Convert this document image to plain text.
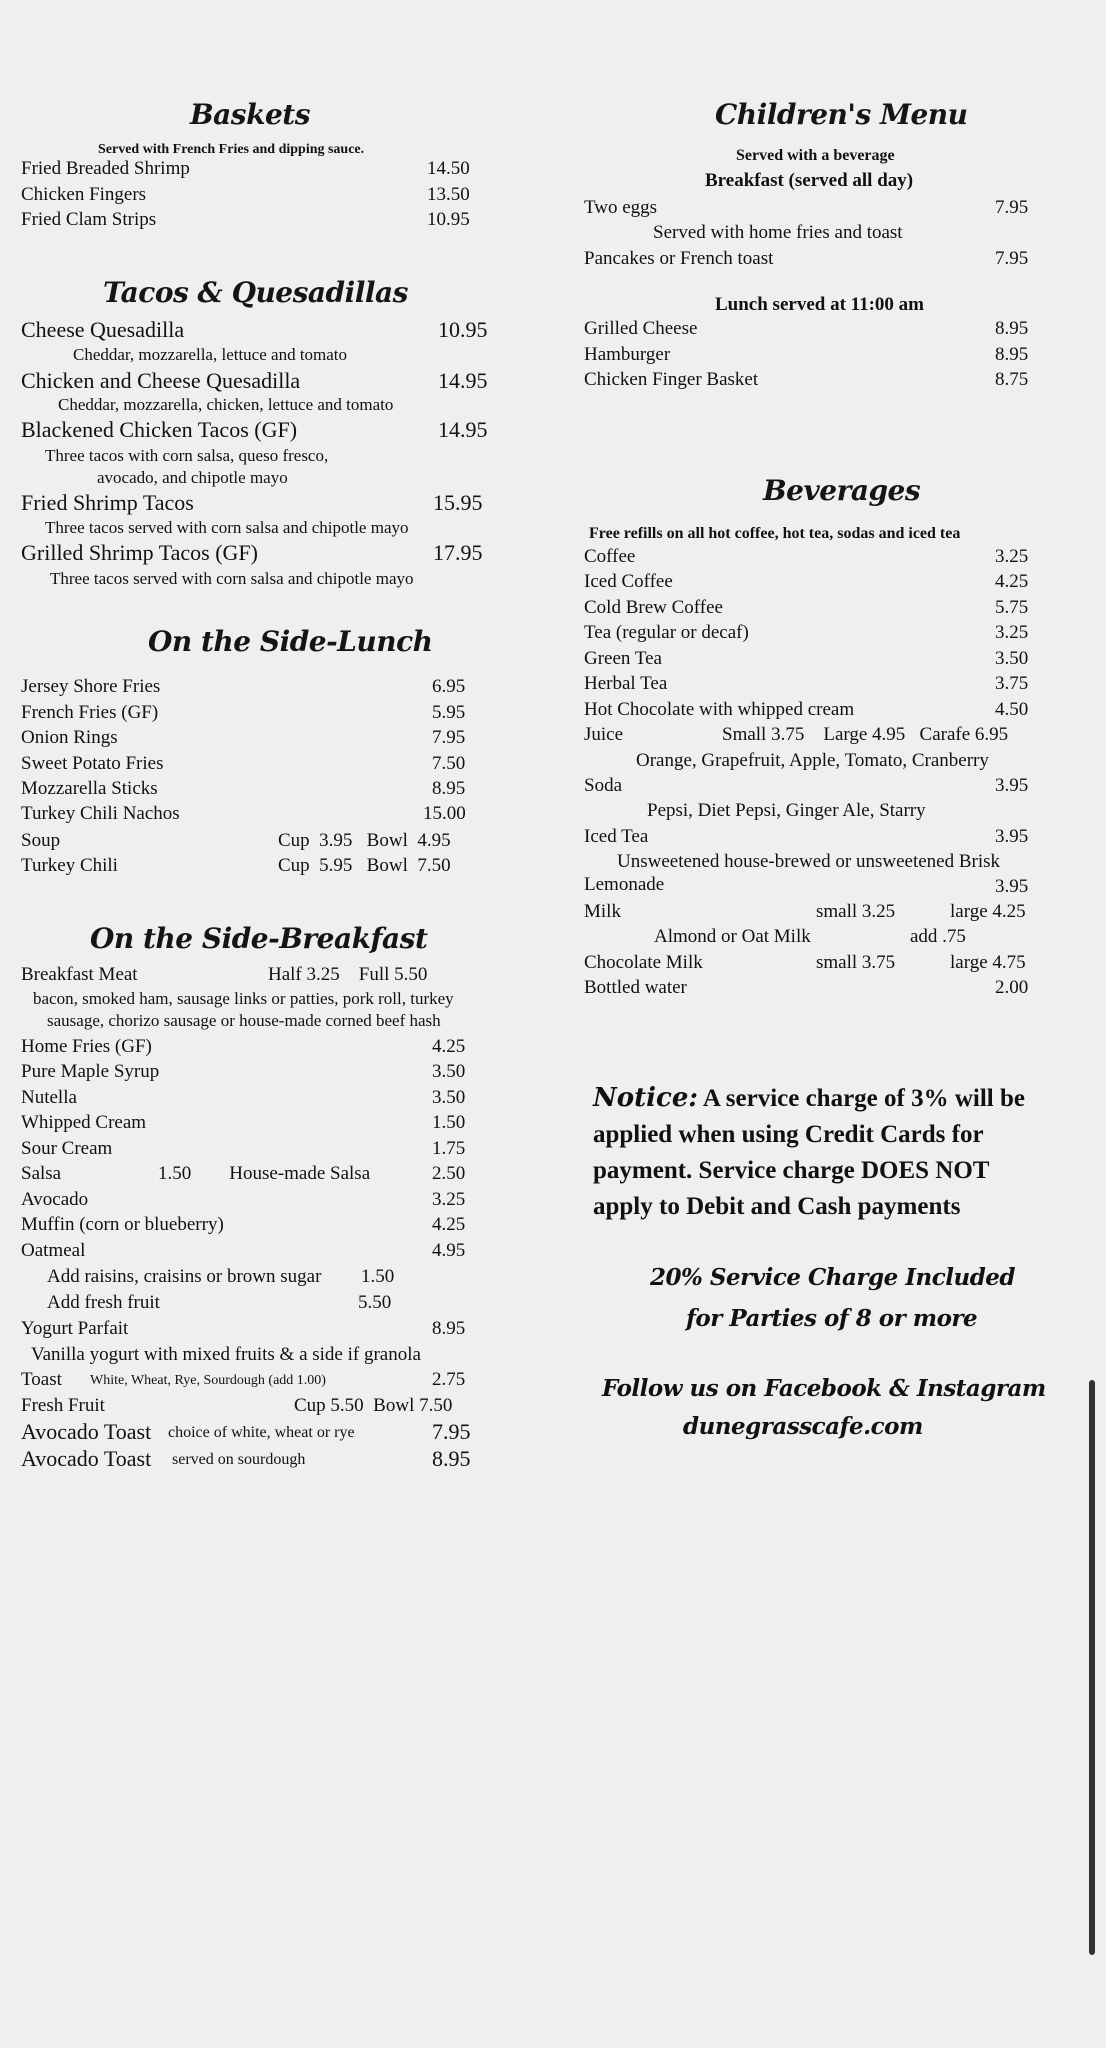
Baskets
Served with French Fries and dipping sauce.
Fried Breaded Shrimp	14.50
Chicken Fingers	13.50
Fried Clam Strips	10.95
Tacos & Quesadillas
Cheese Quesadilla	10.95
Cheddar, mozzarella, lettuce and tomato
Chicken and Cheese Quesadilla	14.95
Cheddar, mozzarella, chicken, lettuce and tomato
Blackened Chicken Tacos (GF)	14.95
Three tacos with corn salsa, queso fresco,
avocado, and chipotle mayo
Fried Shrimp Tacos	15.95
Three tacos served with corn salsa and chipotle mayo
Grilled Shrimp Tacos (GF)	17.95
Three tacos served with corn salsa and chipotle mayo
On the Side-Lunch
Jersey Shore Fries	6.95
French Fries (GF)	5.95
Onion Rings	7.95
Sweet Potato Fries	7.50
Mozzarella Sticks	8.95
Turkey Chili Nachos	15.00
Soup	Cup  3.95   Bowl  4.95
Turkey Chili	Cup  5.95   Bowl  7.50
On the Side-Breakfast
Breakfast Meat	Half 3.25    Full 5.50
bacon, smoked ham, sausage links or patties, pork roll, turkey
sausage, chorizo sausage or house-made corned beef hash
Home Fries (GF)	4.25
Pure Maple Syrup	3.50
Nutella	3.50
Whipped Cream	1.50
Sour Cream	1.75
Salsa	1.50        House-made Salsa	2.50
Avocado	3.25
Muffin (corn or blueberry)	4.25
Oatmeal	4.95
Add raisins, craisins or brown sugar 1.50
Add fresh fruit	5.50
Yogurt Parfait	8.95
Vanilla yogurt with mixed fruits & a side if granola
Toast White, Wheat, Rye, Sourdough (add 1.00)	2.75
Fresh Fruit	Cup 5.50  Bowl 7.50
Avocado Toast choice of white, wheat or rye	7.95
Avocado Toast served on sourdough	8.95
Children's Menu
Served with a beverage
Breakfast (served all day)
Two eggs	7.95
Served with home fries and toast
Pancakes or French toast	7.95
Lunch served at 11:00 am
Grilled Cheese	8.95
Hamburger	8.95
Chicken Finger Basket	8.75
Beverages
Free refills on all hot coffee, hot tea, sodas and iced tea
Coffee	3.25
Iced Coffee	4.25
Cold Brew Coffee	5.75
Tea (regular or decaf)	3.25
Green Tea	3.50
Herbal Tea	3.75
Hot Chocolate with whipped cream	4.50
Juice	Small 3.75    Large 4.95   Carafe 6.95
Orange, Grapefruit, Apple, Tomato, Cranberry
Soda	3.95
Pepsi, Diet Pepsi, Ginger Ale, Starry
Iced Tea	3.95
Unsweetened house-brewed or unsweetened Brisk
Lemonade	3.95
Milk	small 3.25	large 4.25
Almond or Oat Milk	add .75
Chocolate Milk	small 3.75	large 4.75
Bottled water	2.00
Notice: A service charge of 3% will be applied when using Credit Cards for payment. Service charge DOES NOT apply to Debit and Cash payments
20% Service Charge Included
for Parties of 8 or more
Follow us on Facebook & Instagram
dunegrasscafe.com
